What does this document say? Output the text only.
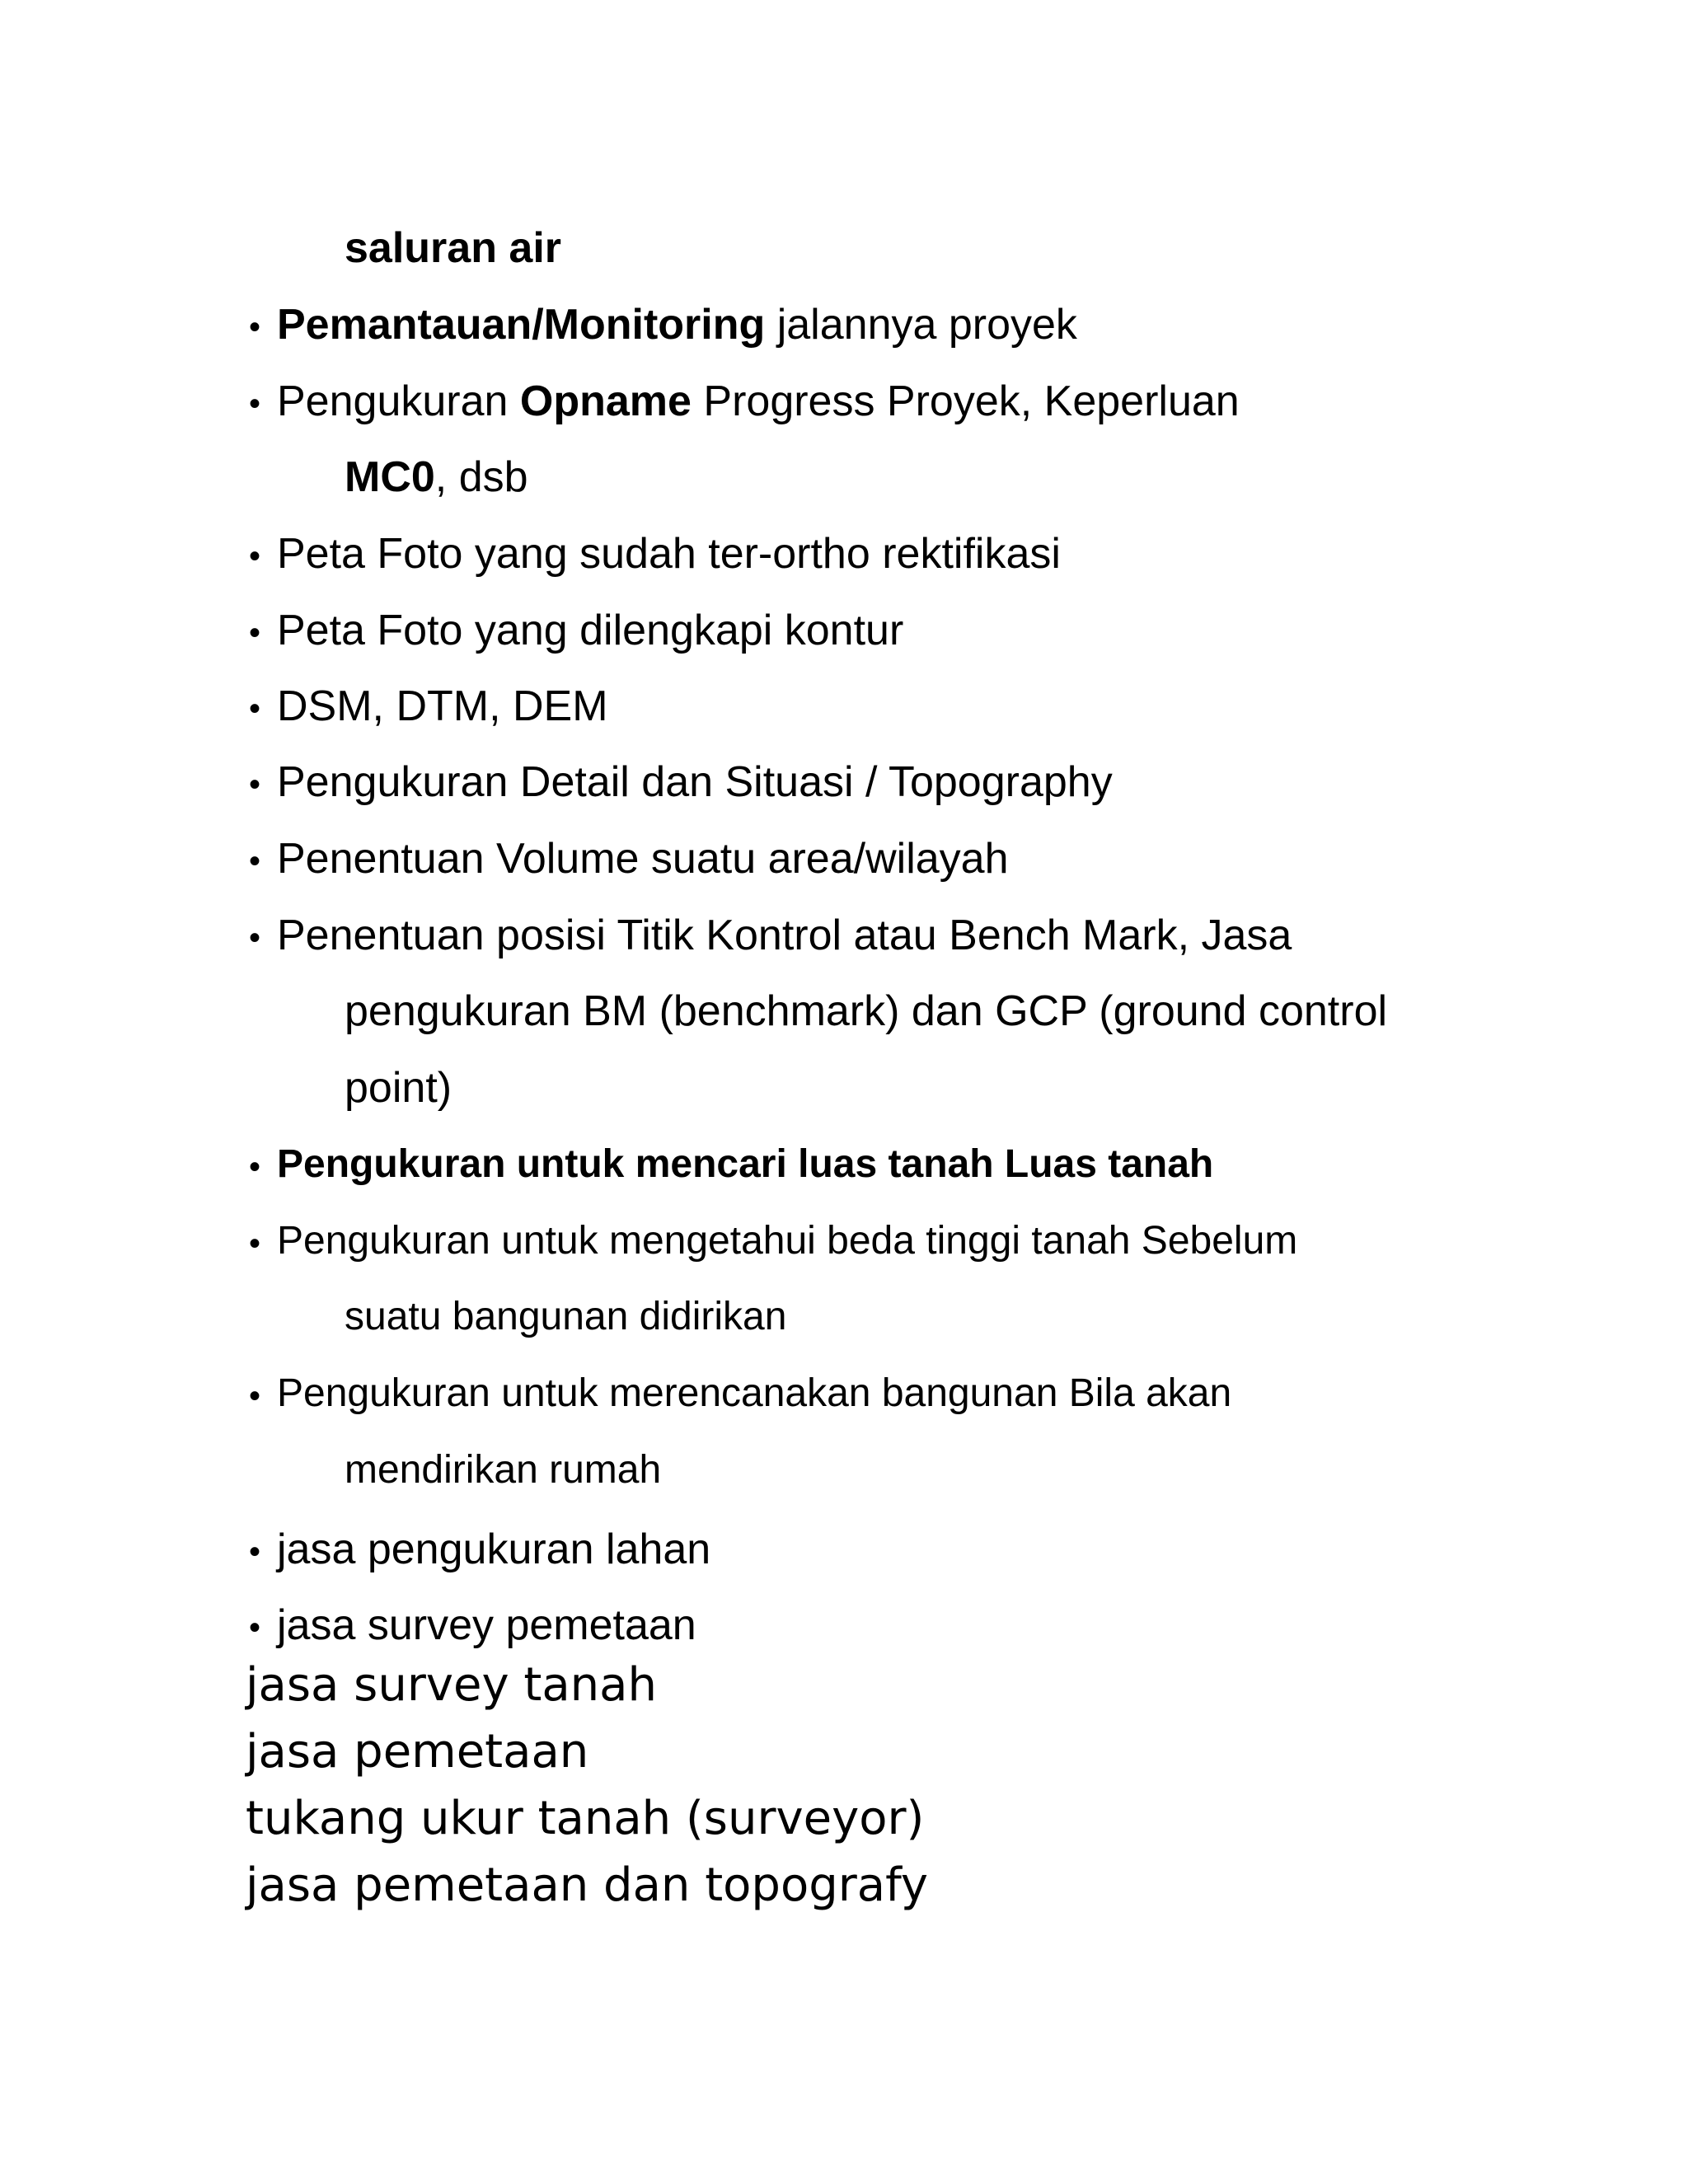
saluran air
• Pemantauan/Monitoring jalannya proyek
• Pengukuran Opname Progress Proyek, Keperluan
MC0, dsb
• Peta Foto yang sudah ter-ortho rektifikasi
• Peta Foto yang dilengkapi kontur
• DSM, DTM, DEM
• Pengukuran Detail dan Situasi / Topography
• Penentuan Volume suatu area/wilayah
• Penentuan posisi Titik Kontrol atau Bench Mark, Jasa
pengukuran BM (benchmark) dan GCP (ground control
point)
• Pengukuran untuk mencari luas tanah Luas tanah
• Pengukuran untuk mengetahui beda tinggi tanah Sebelum
suatu bangunan didirikan
• Pengukuran untuk merencanakan bangunan Bila akan
mendirikan rumah
• jasa pengukuran lahan
• jasa survey pemetaan
jasa survey tanah
jasa pemetaan
tukang ukur tanah (surveyor)
jasa pemetaan dan topografy
